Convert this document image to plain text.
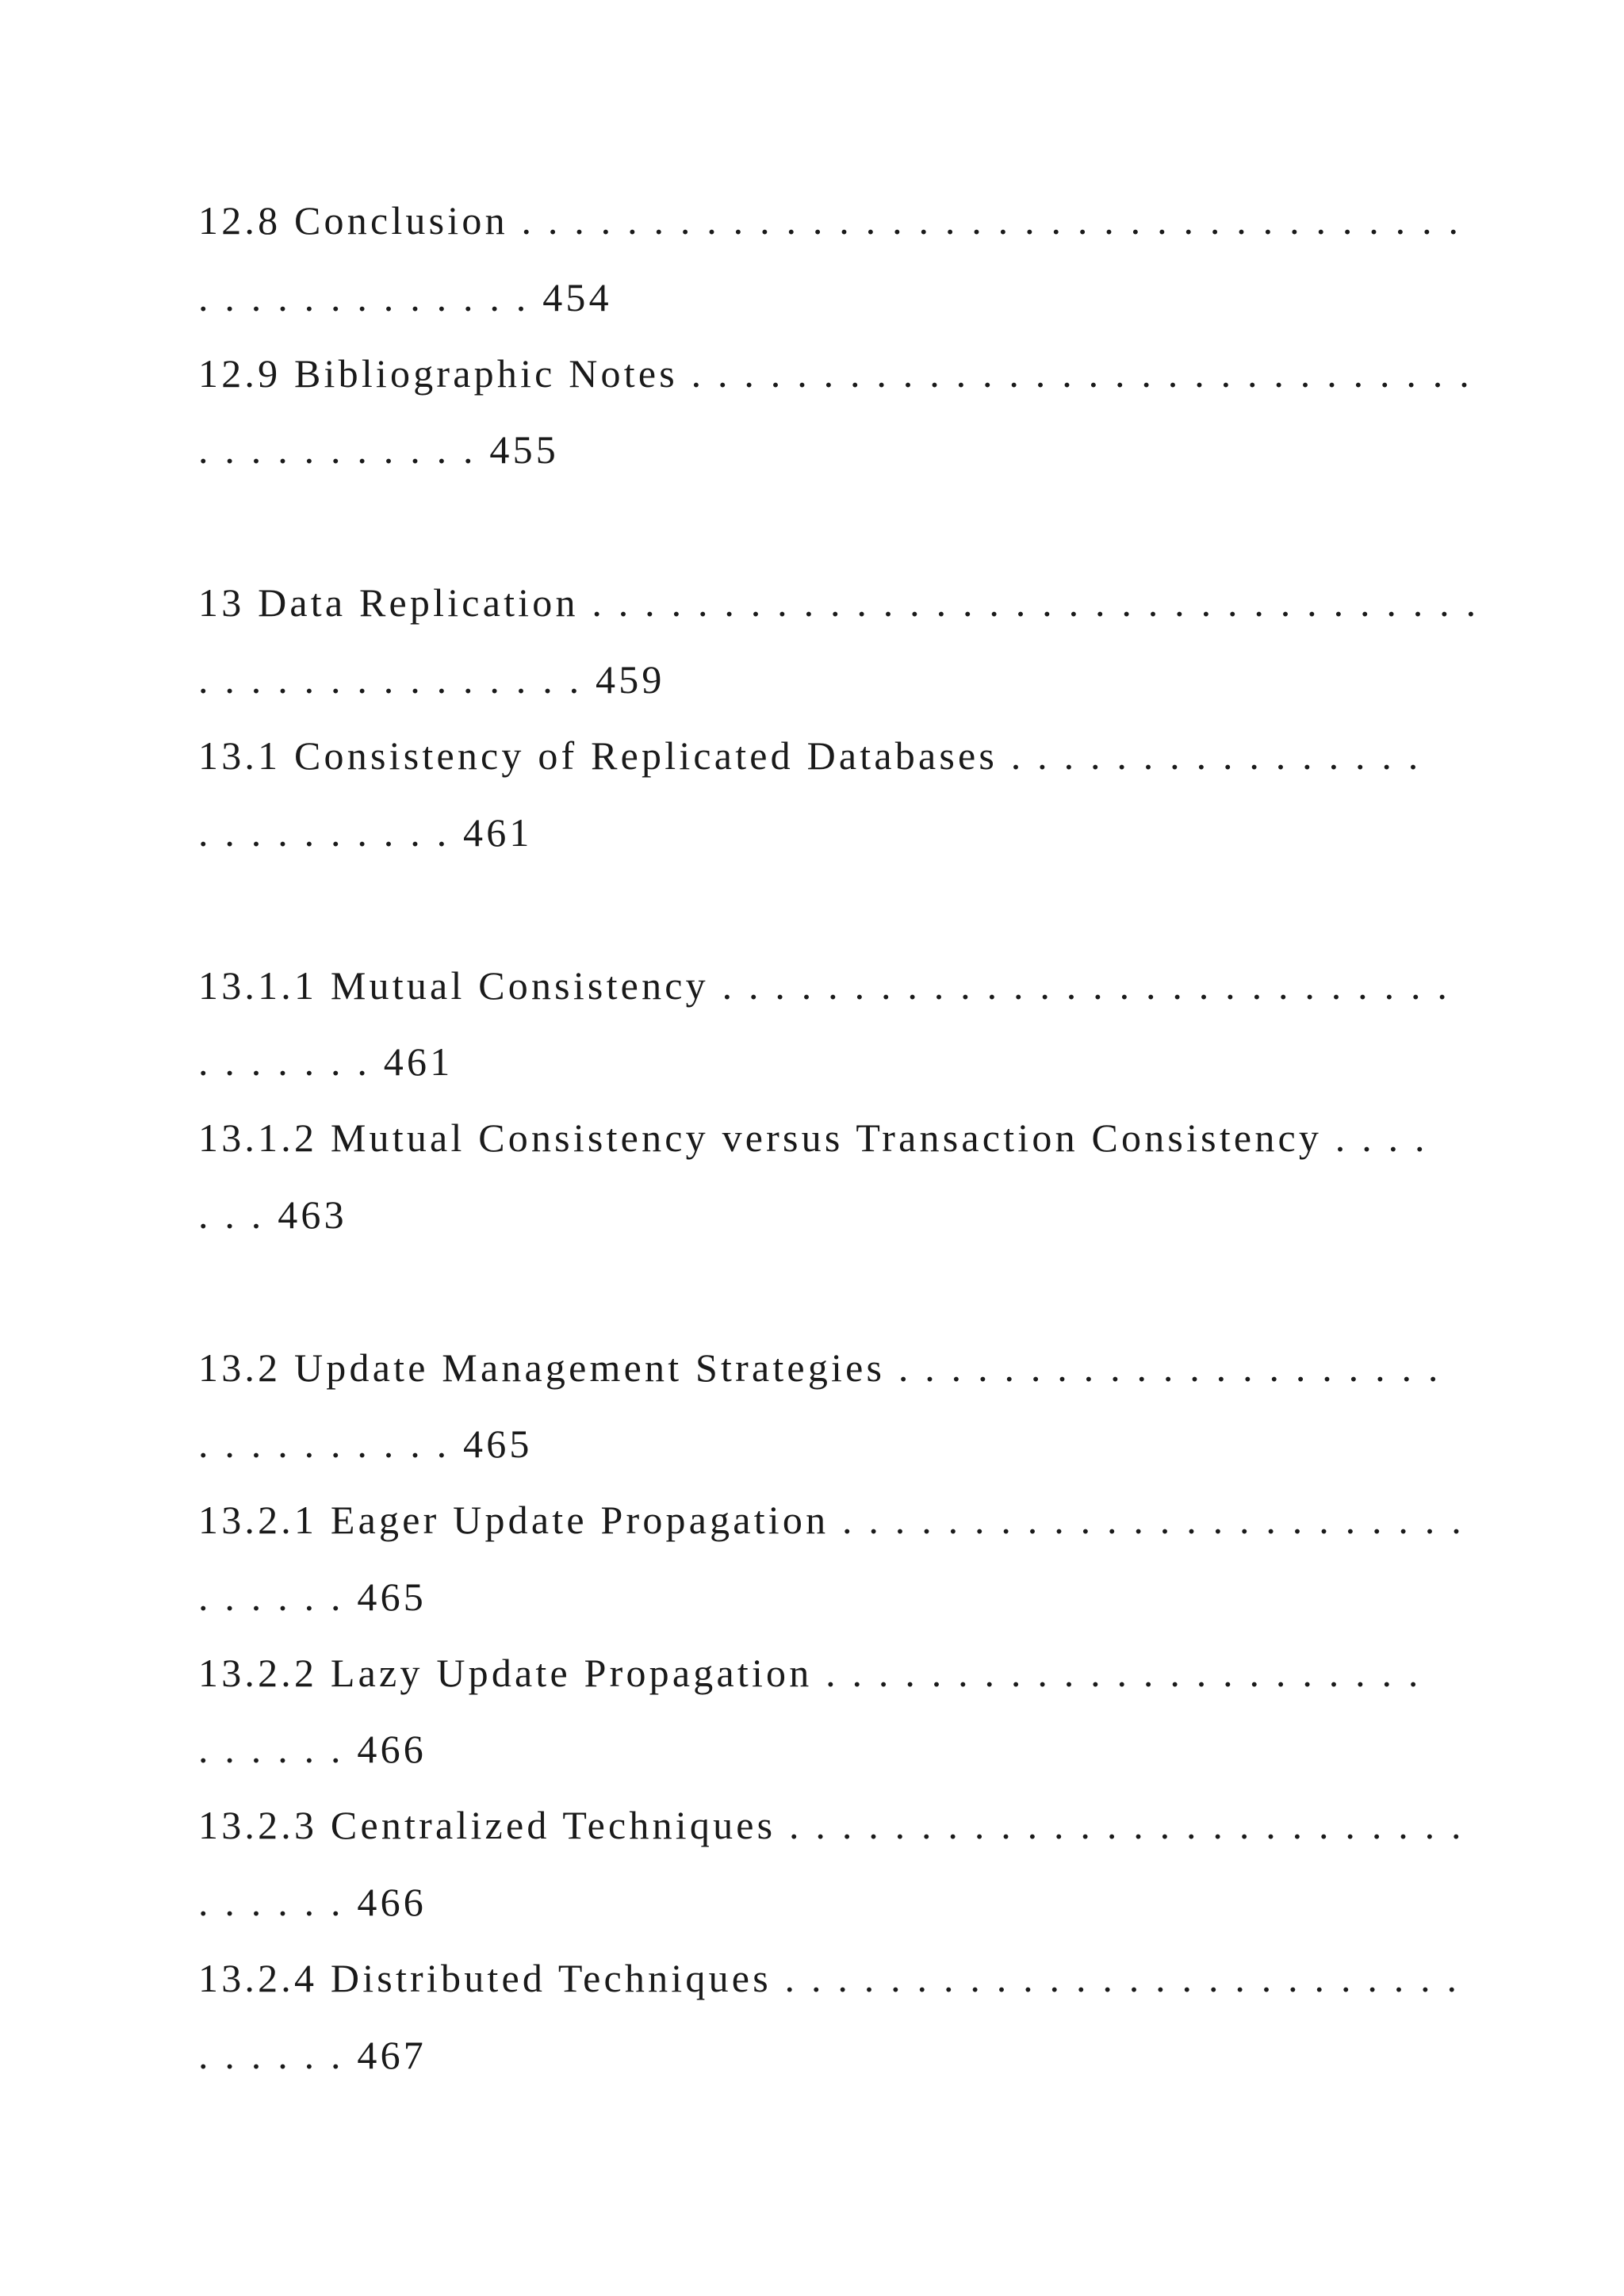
12.8 Conclusion . . . . . . . . . . . . . . . . . . . . . . . . . . . . . . . . . . . .

. . . . . . . . . . . . . 454

12.9 Bibliographic Notes . . . . . . . . . . . . . . . . . . . . . . . . . . . . . .

. . . . . . . . . . . 455

13 Data Replication . . . . . . . . . . . . . . . . . . . . . . . . . . . . . . . . . .

. . . . . . . . . . . . . . . 459

13.1 Consistency of Replicated Databases . . . . . . . . . . . . . . . .

. . . . . . . . . . 461

13.1.1 Mutual Consistency . . . . . . . . . . . . . . . . . . . . . . . . . . . .

. . . . . . . 461

13.1.2 Mutual Consistency versus Transaction Consistency . . . .

. . . 463

13.2 Update Management Strategies . . . . . . . . . . . . . . . . . . . . .

. . . . . . . . . . 465

13.2.1 Eager Update Propagation . . . . . . . . . . . . . . . . . . . . . . . .

. . . . . . 465

13.2.2 Lazy Update Propagation . . . . . . . . . . . . . . . . . . . . . . .

. . . . . . 466

13.2.3 Centralized Techniques . . . . . . . . . . . . . . . . . . . . . . . . . .

. . . . . . 466

13.2.4 Distributed Techniques . . . . . . . . . . . . . . . . . . . . . . . . . .

. . . . . . 467
